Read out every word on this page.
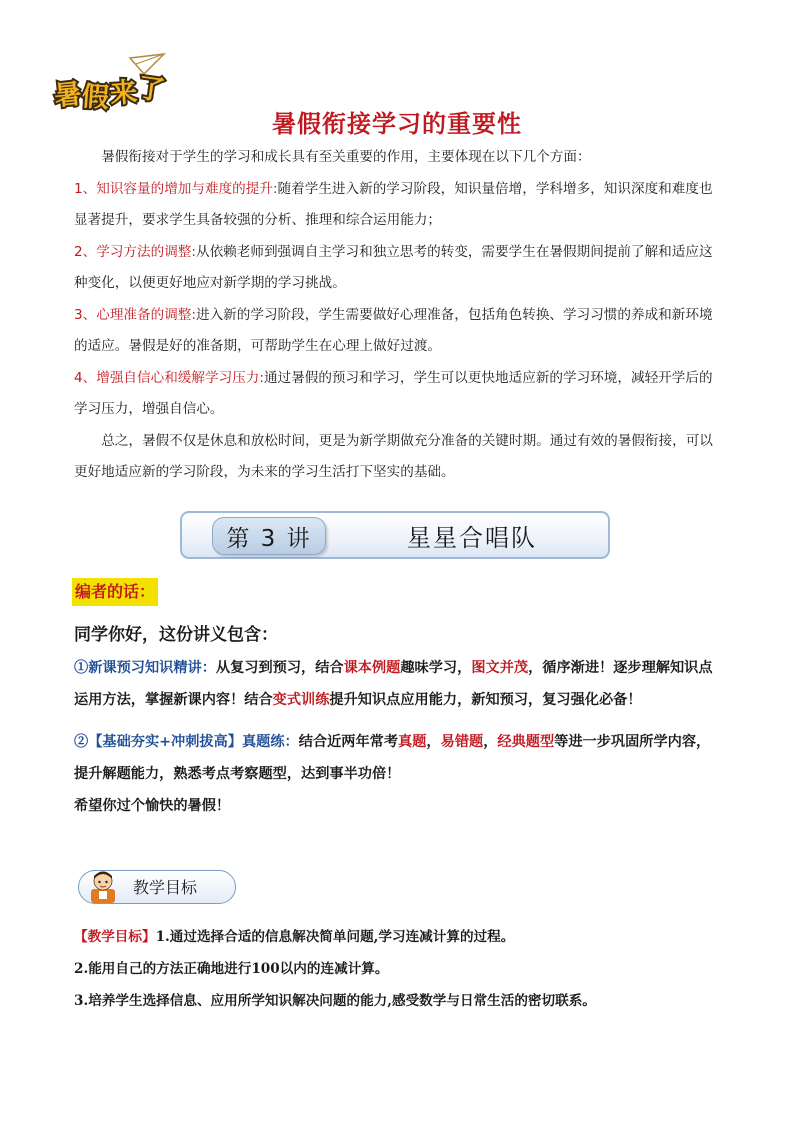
暑
假 来
了
暑假衔接学习的重要性

暑假衔接对于学生的学习和成长具有至关重要的作用，主要体现在以下几个方面：

1、知识容量的增加与难度的提升:随着学生进入新的学习阶段，知识量倍增，学科增多，知识深度和难度也显著提升，要求学生具备较强的分析、推理和综合运用能力；

2、学习方法的调整:从依赖老师到强调自主学习和独立思考的转变，需要学生在暑假期间提前了解和适应这种变化，以便更好地应对新学期的学习挑战。

3、心理准备的调整:进入新的学习阶段，学生需要做好心理准备，包括角色转换、学习习惯的养成和新环境的适应。暑假是好的准备期，可帮助学生在心理上做好过渡。

4、增强自信心和缓解学习压力:通过暑假的预习和学习，学生可以更快地适应新的学习环境，减轻开学后的学习压力，增强自信心。

总之，暑假不仅是休息和放松时间，更是为新学期做充分准备的关键时期。通过有效的暑假衔接，可以更好地适应新的学习阶段，为未来的学习生活打下坚实的基础。

第 3 讲	星星合唱队
编者的话：
同学你好，这份讲义包含：

①新课预习知识精讲：从复习到预习，结合课本例题趣味学习，图文并茂，循序渐进！逐步理解知识点运用方法，掌握新课内容！结合变式训练提升知识点应用能力，新知预习，复习强化必备！

②【基础夯实+冲刺拔高】真题练：结合近两年常考真题，易错题，经典题型等进一步巩固所学内容，提升解题能力，熟悉考点考察题型，达到事半功倍！

希望你过个愉快的暑假！

教学目标

【教学目标】1.通过选择合适的信息解决简单问题,学习连减计算的过程。

2.能用自己的方法正确地进行100以内的连减计算。

3.培养学生选择信息、应用所学知识解决问题的能力,感受数学与日常生活的密切联系。
